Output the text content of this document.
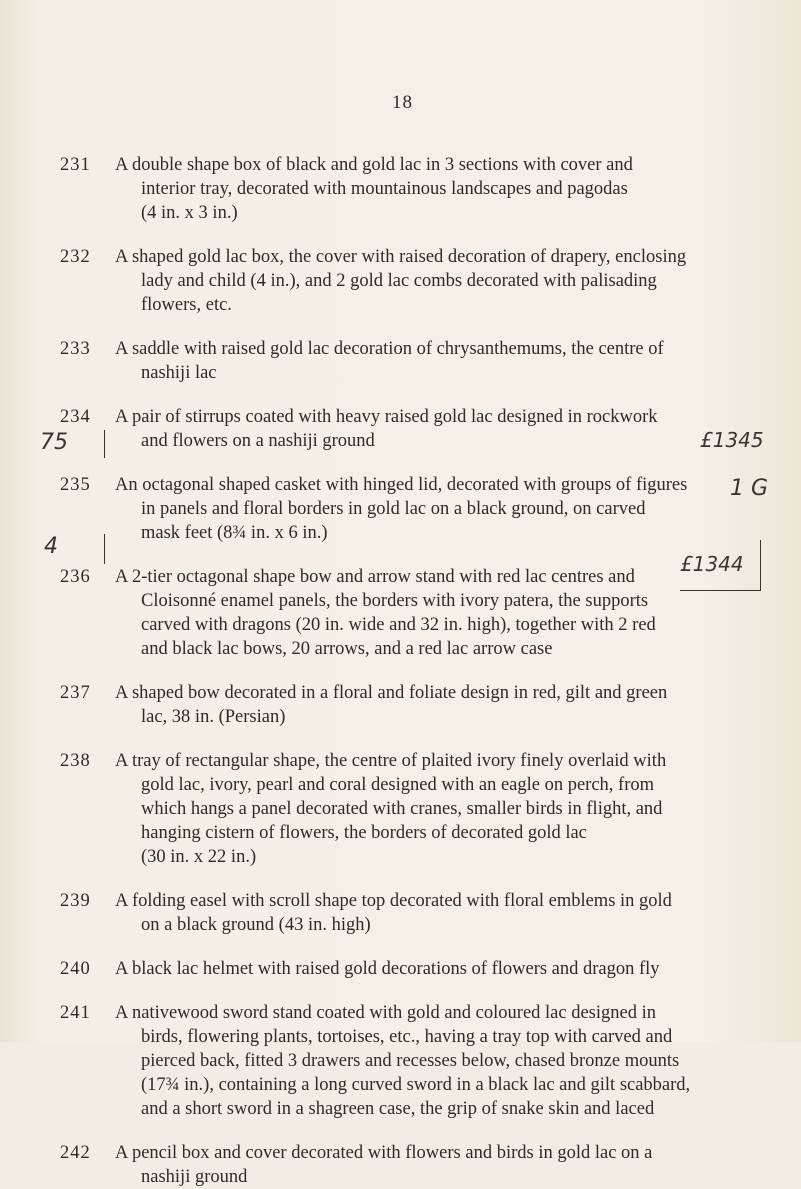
18
231	A double shape box of black and gold lac in 3 sections with cover and
interior tray, decorated with mountainous landscapes and pagodas
(4 in. x 3 in.)
232	A shaped gold lac box, the cover with raised decoration of drapery, enclosing
lady and child (4 in.), and 2 gold lac combs decorated with palisading
flowers, etc.
233	A saddle with raised gold lac decoration of chrysanthemums, the centre of
nashiji lac
234	A pair of stirrups coated with heavy raised gold lac designed in rockwork
and flowers on a nashiji ground
235	An octagonal shaped casket with hinged lid, decorated with groups of figures
in panels and floral borders in gold lac on a black ground, on carved
mask feet (8¾ in. x 6 in.)
236	A 2-tier octagonal shape bow and arrow stand with red lac centres and
Cloisonné enamel panels, the borders with ivory patera, the supports
carved with dragons (20 in. wide and 32 in. high), together with 2 red
and black lac bows, 20 arrows, and a red lac arrow case
237	A shaped bow decorated in a floral and foliate design in red, gilt and green
lac, 38 in. (Persian)
238	A tray of rectangular shape, the centre of plaited ivory finely overlaid with
gold lac, ivory, pearl and coral designed with an eagle on perch, from
which hangs a panel decorated with cranes, smaller birds in flight, and
hanging cistern of flowers, the borders of decorated gold lac
(30 in. x 22 in.)
239	A folding easel with scroll shape top decorated with floral emblems in gold
on a black ground (43 in. high)
240	A black lac helmet with raised gold decorations of flowers and dragon fly
241	A nativewood sword stand coated with gold and coloured lac designed in
birds, flowering plants, tortoises, etc., having a tray top with carved and
pierced back, fitted 3 drawers and recesses below, chased bronze mounts
(17¾ in.), containing a long curved sword in a black lac and gilt scabbard,
and a short sword in a shagreen case, the grip of snake skin and laced
242	A pencil box and cover decorated with flowers and birds in gold lac on a
nashiji ground
75	£1345
1 G
4
£1344
